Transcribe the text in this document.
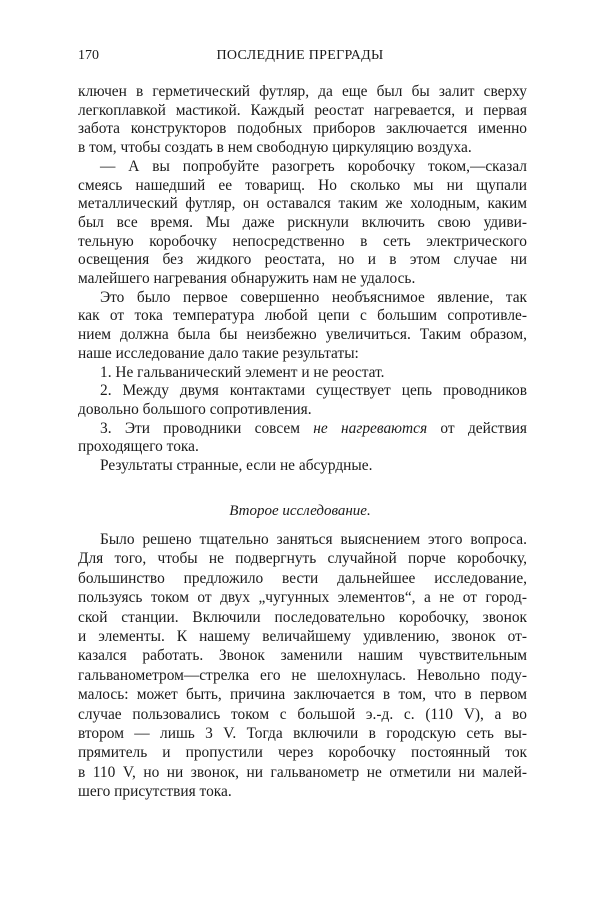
170	ПОСЛЕДНИЕ ПРЕГРАДЫ
ключен в герметический футляр, да еще был бы залит сверху
легкоплавкой мастикой. Каждый реостат нагревается, и первая
забота конструкторов подобных приборов заключается именно
в том, чтобы создать в нем свободную циркуляцию воздуха.
— А вы попробуйте разогреть коробочку током,—сказал
смеясь нашедший ее товарищ. Но сколько мы ни щупали
металлический футляр, он оставался таким же холодным, каким
был все время. Мы даже рискнули включить свою удиви-
тельную коробочку непосредственно в сеть электрического
освещения без жидкого реостата, но и в этом случае ни
малейшего нагревания обнаружить нам не удалось.
Это было первое совершенно необъяснимое явление, так
как от тока температура любой цепи с большим сопротивле-
нием должна была бы неизбежно увеличиться. Таким образом,
наше исследование дало такие результаты:
1. Не гальванический элемент и не реостат.
2. Между двумя контактами существует цепь проводников
довольно большого сопротивления.
3. Эти проводники совсем не нагреваются от действия
проходящего тока.
Результаты странные, если не абсурдные.
Второе исследование.
Было решено тщательно заняться выяснением этого вопроса.
Для того, чтобы не подвергнуть случайной порче коробочку,
большинство предложило вести дальнейшее исследование,
пользуясь током от двух „чугунных элементов“, а не от город-
ской станции. Включили последовательно коробочку, звонок
и элементы. К нашему величайшему удивлению, звонок от-
казался работать. Звонок заменили нашим чувствительным
гальванометром—стрелка его не шелохнулась. Невольно поду-
малось: может быть, причина заключается в том, что в первом
случае пользовались током с большой э.-д. с. (110 V), а во
втором — лишь 3 V. Тогда включили в городскую сеть вы-
прямитель и пропустили через коробочку постоянный ток
в 110 V, но ни звонок, ни гальванометр не отметили ни малей-
шего присутствия тока.
